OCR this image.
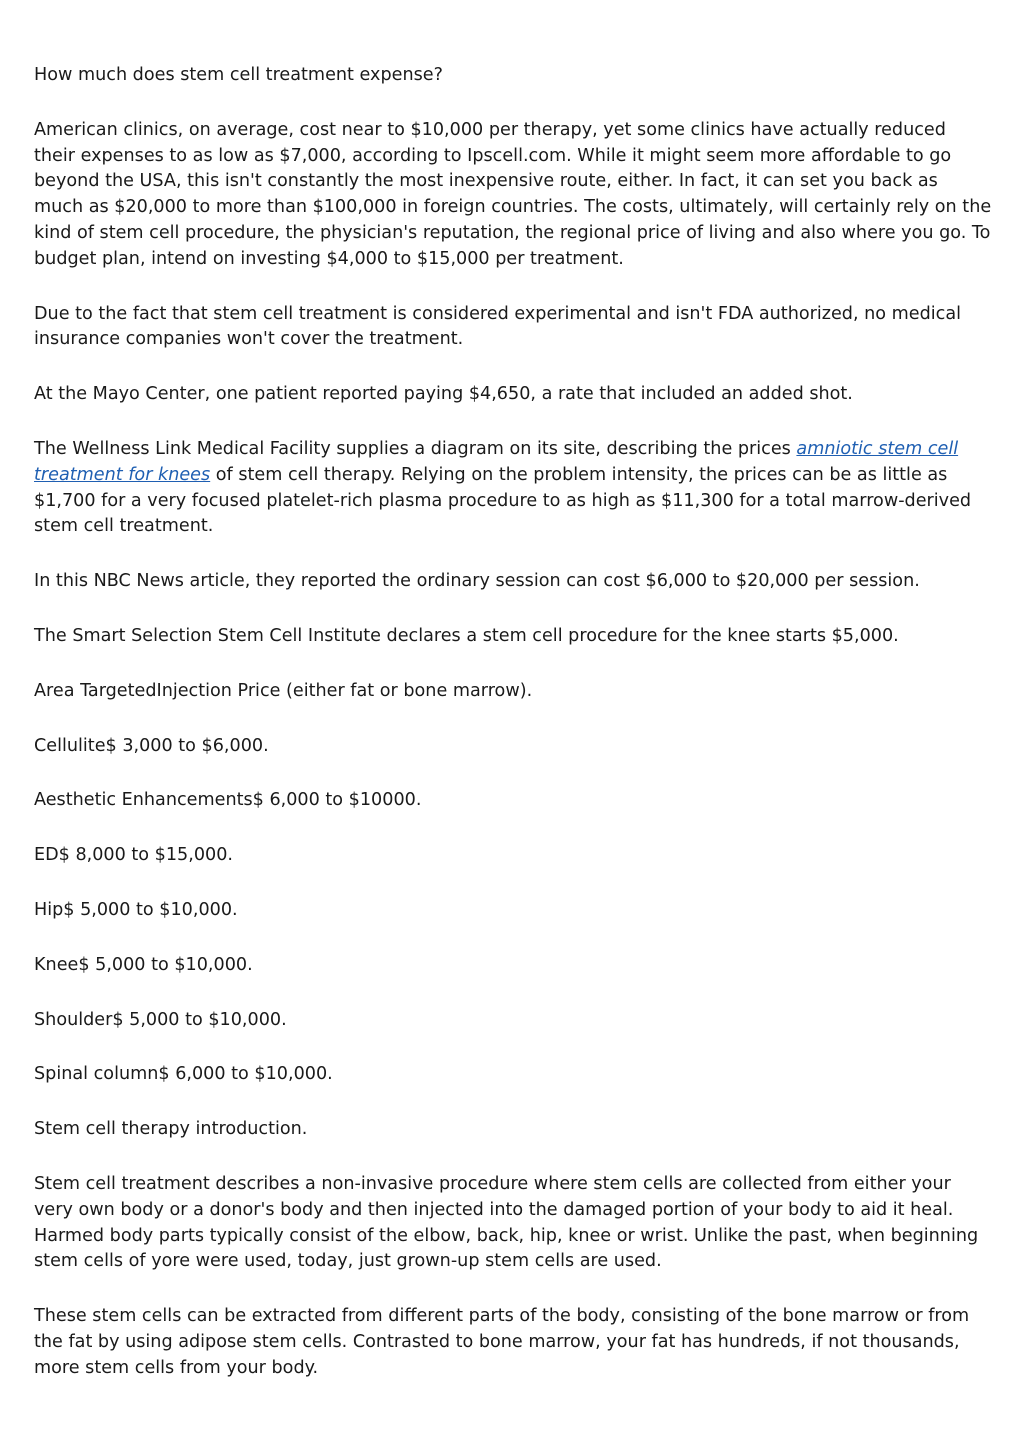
How much does stem cell treatment expense?

American clinics, on average, cost near to $10,000 per therapy, yet some clinics have actually reduced their expenses to as low as $7,000, according to Ipscell.com. While it might seem more affordable to go beyond the USA, this isn't constantly the most inexpensive route, either. In fact, it can set you back as much as $20,000 to more than $100,000 in foreign countries. The costs, ultimately, will certainly rely on the kind of stem cell procedure, the physician's reputation, the regional price of living and also where you go. To budget plan, intend on investing $4,000 to $15,000 per treatment.

Due to the fact that stem cell treatment is considered experimental and isn't FDA authorized, no medical insurance companies won't cover the treatment.

At the Mayo Center, one patient reported paying $4,650, a rate that included an added shot.

The Wellness Link Medical Facility supplies a diagram on its site, describing the prices amniotic stem cell treatment for knees of stem cell therapy. Relying on the problem intensity, the prices can be as little as $1,700 for a very focused platelet-rich plasma procedure to as high as $11,300 for a total marrow-derived stem cell treatment.

In this NBC News article, they reported the ordinary session can cost $6,000 to $20,000 per session.

The Smart Selection Stem Cell Institute declares a stem cell procedure for the knee starts $5,000.

Area TargetedInjection Price (either fat or bone marrow).

Cellulite$ 3,000 to $6,000.

Aesthetic Enhancements$ 6,000 to $10000.

ED$ 8,000 to $15,000.

Hip$ 5,000 to $10,000.

Knee$ 5,000 to $10,000.

Shoulder$ 5,000 to $10,000.

Spinal column$ 6,000 to $10,000.

Stem cell therapy introduction.

Stem cell treatment describes a non-invasive procedure where stem cells are collected from either your very own body or a donor's body and then injected into the damaged portion of your body to aid it heal. Harmed body parts typically consist of the elbow, back, hip, knee or wrist. Unlike the past, when beginning stem cells of yore were used, today, just grown-up stem cells are used.

These stem cells can be extracted from different parts of the body, consisting of the bone marrow or from the fat by using adipose stem cells. Contrasted to bone marrow, your fat has hundreds, if not thousands, more stem cells from your body.
